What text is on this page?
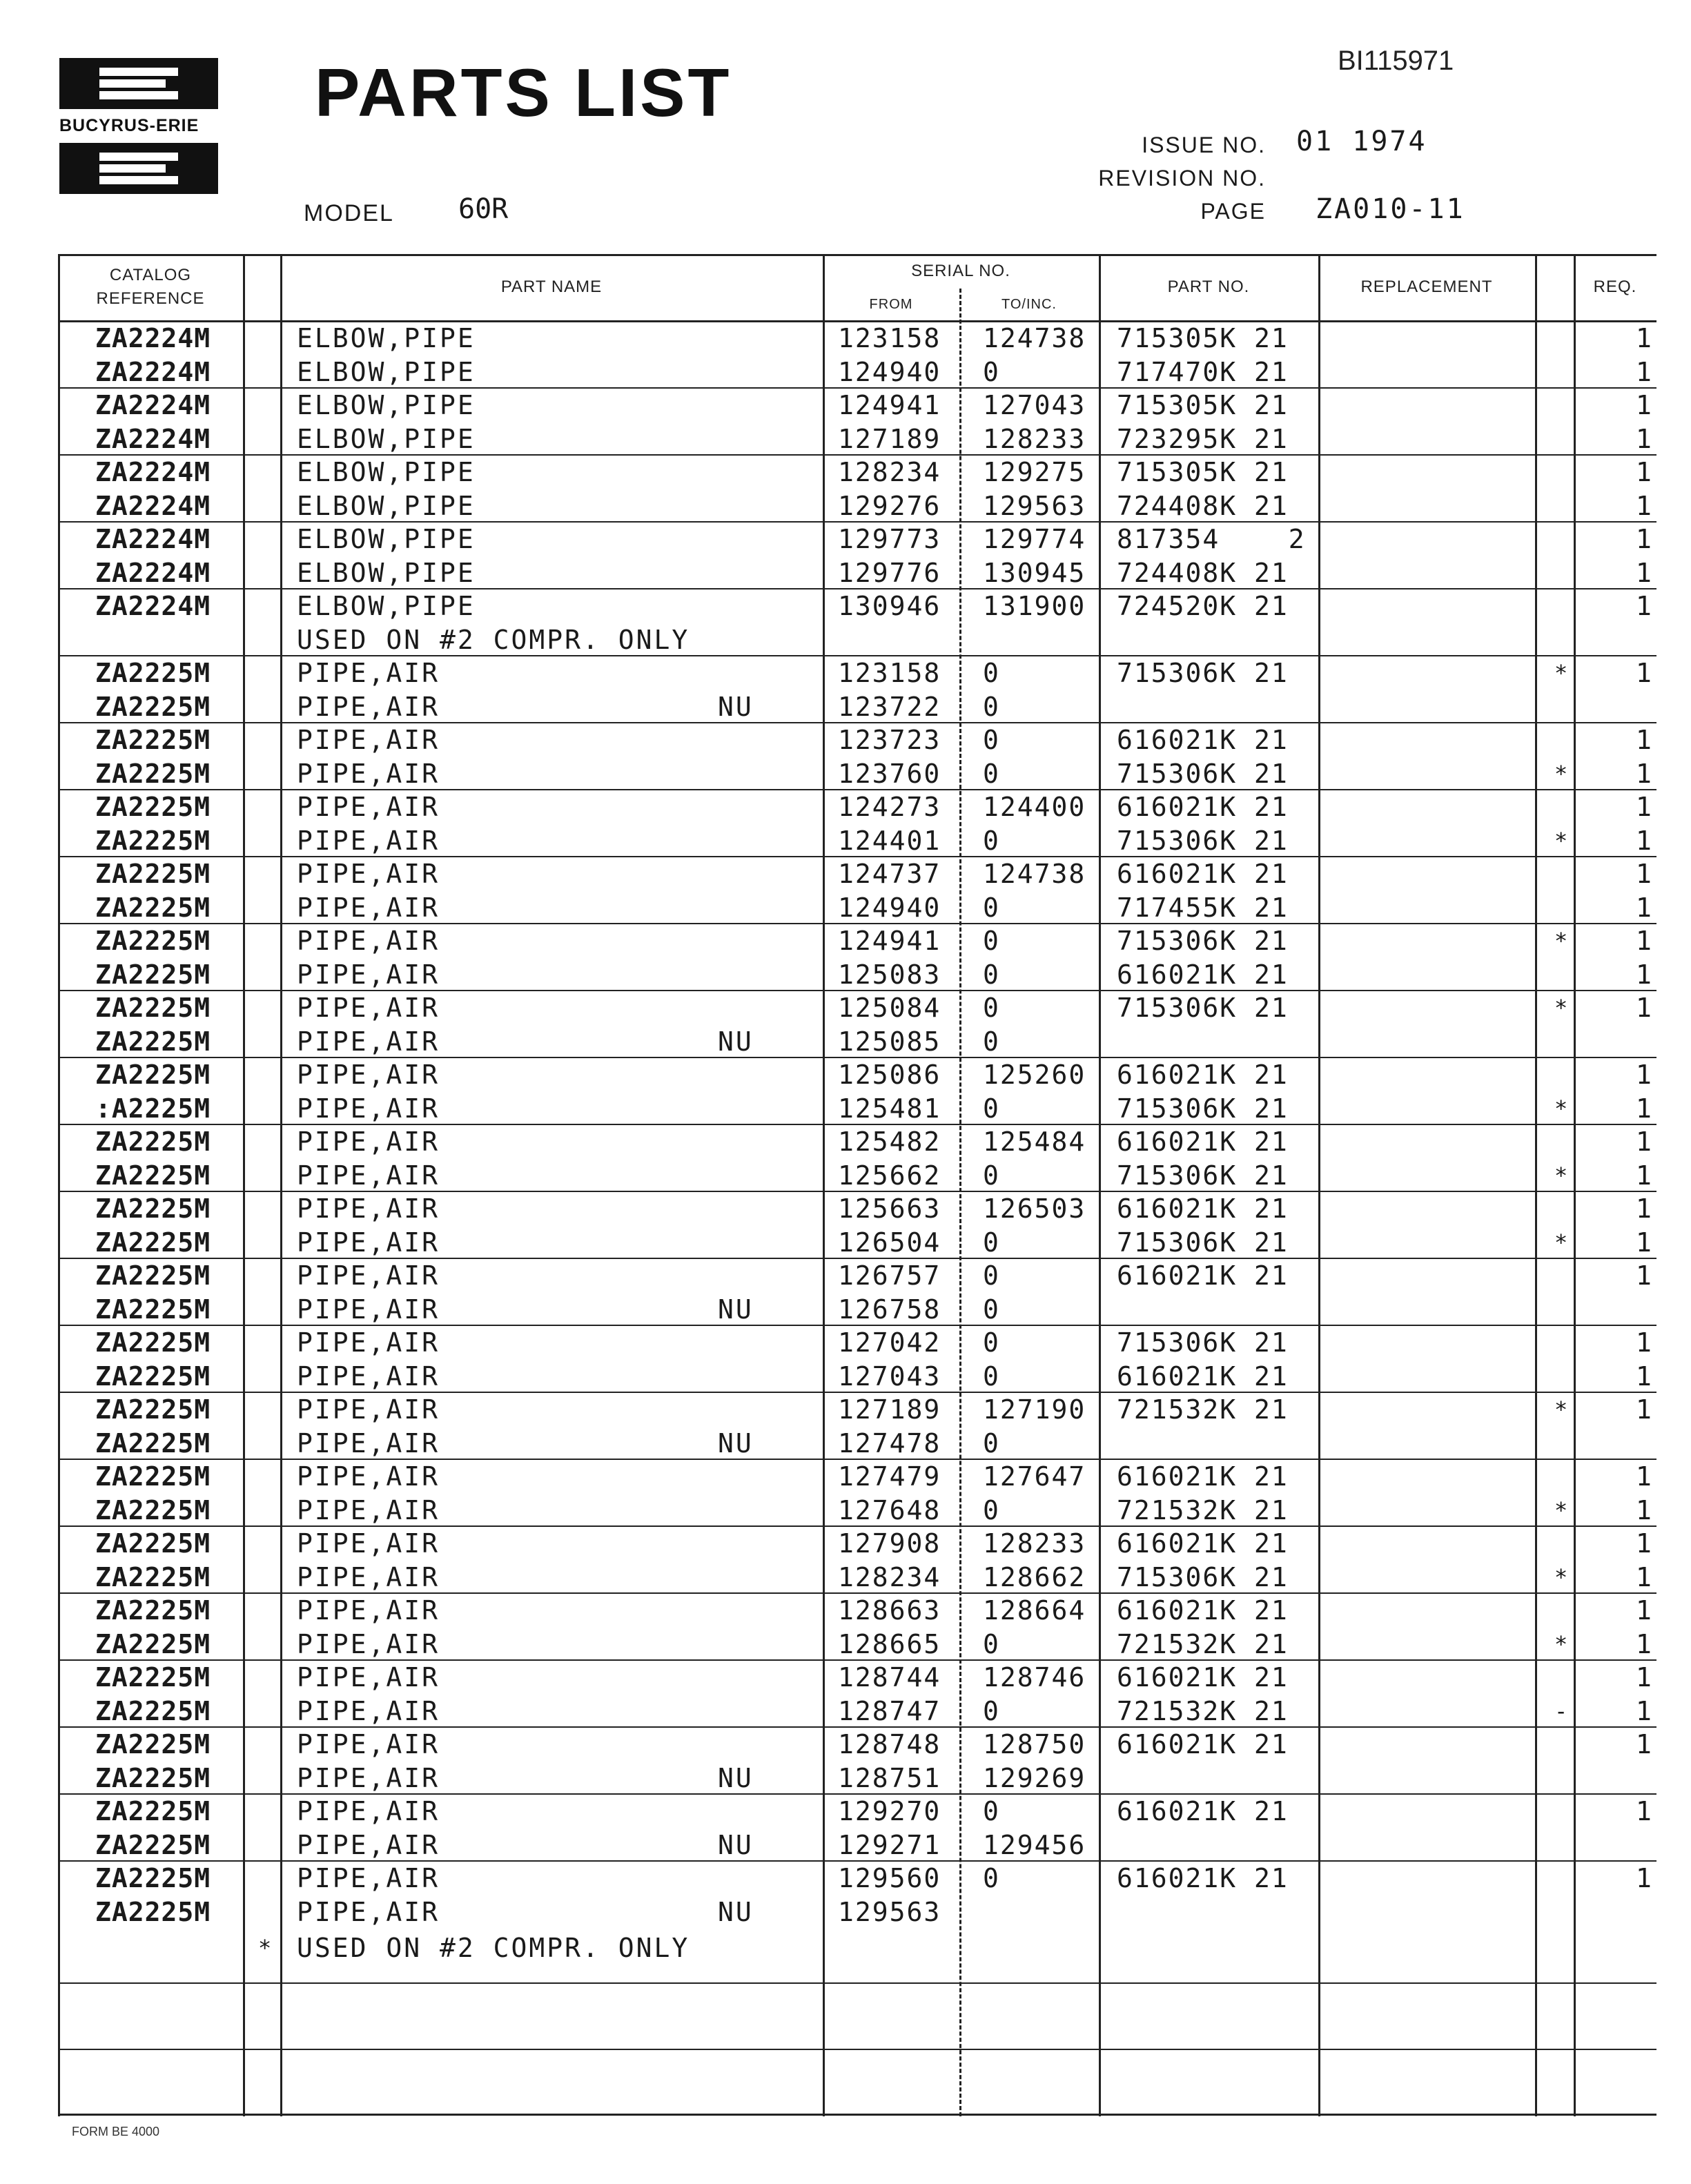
BUCYRUS-ERIE PARTS LIST
MODEL 60R
BI115971
ISSUE NO. 01 1974
REVISION NO.
PAGE ZA010-11
CATALOG REFERENCE
PART NAME
SERIAL NO.
FROM	TO/INC.
PART NO.	REPLACEMENT	REQ.
ZA2224M	ELBOW,PIPE	123158 124738 715305K 21	1
ZA2224M	ELBOW,PIPE	124940 0	717470K 21	1
ZA2224M	ELBOW,PIPE	124941 127043 715305K 21	1
ZA2224M	ELBOW,PIPE	127189 128233 723295K 21	1
ZA2224M	ELBOW,PIPE	128234 129275 715305K 21	1
ZA2224M	ELBOW,PIPE	129276 129563 724408K 21	1
ZA2224M	ELBOW,PIPE	129773 129774 817354    2	1
ZA2224M	ELBOW,PIPE	129776 130945 724408K 21	1
ZA2224M	ELBOW,PIPE	130946 131900 724520K 21	1
USED ON #2 COMPR. ONLY
ZA2225M	PIPE,AIR	123158 0	715306K 21	*	1
ZA2225M	PIPE,AIR	NU	123722 0
ZA2225M	PIPE,AIR	123723 0	616021K 21	1
ZA2225M	PIPE,AIR	123760 0	715306K 21	*	1
ZA2225M	PIPE,AIR	124273 124400 616021K 21	1
ZA2225M	PIPE,AIR	124401 0	715306K 21	*	1
ZA2225M	PIPE,AIR	124737 124738 616021K 21	1
ZA2225M	PIPE,AIR	124940 0	717455K 21	1
ZA2225M	PIPE,AIR	124941 0	715306K 21	*	1
ZA2225M	PIPE,AIR	125083 0	616021K 21	1
ZA2225M	PIPE,AIR	125084 0	715306K 21	*	1
ZA2225M	PIPE,AIR	NU	125085 0
ZA2225M	PIPE,AIR	125086 125260 616021K 21	1
:A2225M	PIPE,AIR	125481 0	715306K 21	*	1
ZA2225M	PIPE,AIR	125482 125484 616021K 21	1
ZA2225M	PIPE,AIR	125662 0	715306K 21	*	1
ZA2225M	PIPE,AIR	125663 126503 616021K 21	1
ZA2225M	PIPE,AIR	126504 0	715306K 21	*	1
ZA2225M	PIPE,AIR	126757 0	616021K 21	1
ZA2225M	PIPE,AIR	NU	126758 0
ZA2225M	PIPE,AIR	127042 0	715306K 21	1
ZA2225M	PIPE,AIR	127043 0	616021K 21	1
ZA2225M	PIPE,AIR	127189 127190 721532K 21	*	1
ZA2225M	PIPE,AIR	NU	127478 0
ZA2225M	PIPE,AIR	127479 127647 616021K 21	1
ZA2225M	PIPE,AIR	127648 0	721532K 21	*	1
ZA2225M	PIPE,AIR	127908 128233 616021K 21	1
ZA2225M	PIPE,AIR	128234 128662 715306K 21	*	1
ZA2225M	PIPE,AIR	128663 128664 616021K 21	1
ZA2225M	PIPE,AIR	128665 0	721532K 21	*	1
ZA2225M	PIPE,AIR	128744 128746 616021K 21	1
ZA2225M	PIPE,AIR	128747 0	721532K 21	-	1
ZA2225M	PIPE,AIR	128748 128750 616021K 21	1
ZA2225M	PIPE,AIR	NU	128751 129269
ZA2225M	PIPE,AIR	129270 0	616021K 21	1
ZA2225M	PIPE,AIR	NU	129271 129456
ZA2225M	PIPE,AIR	129560 0	616021K 21	1
ZA2225M	PIPE,AIR	NU	129563

*

USED ON #2 COMPR. ONLY

FORM BE 4000
